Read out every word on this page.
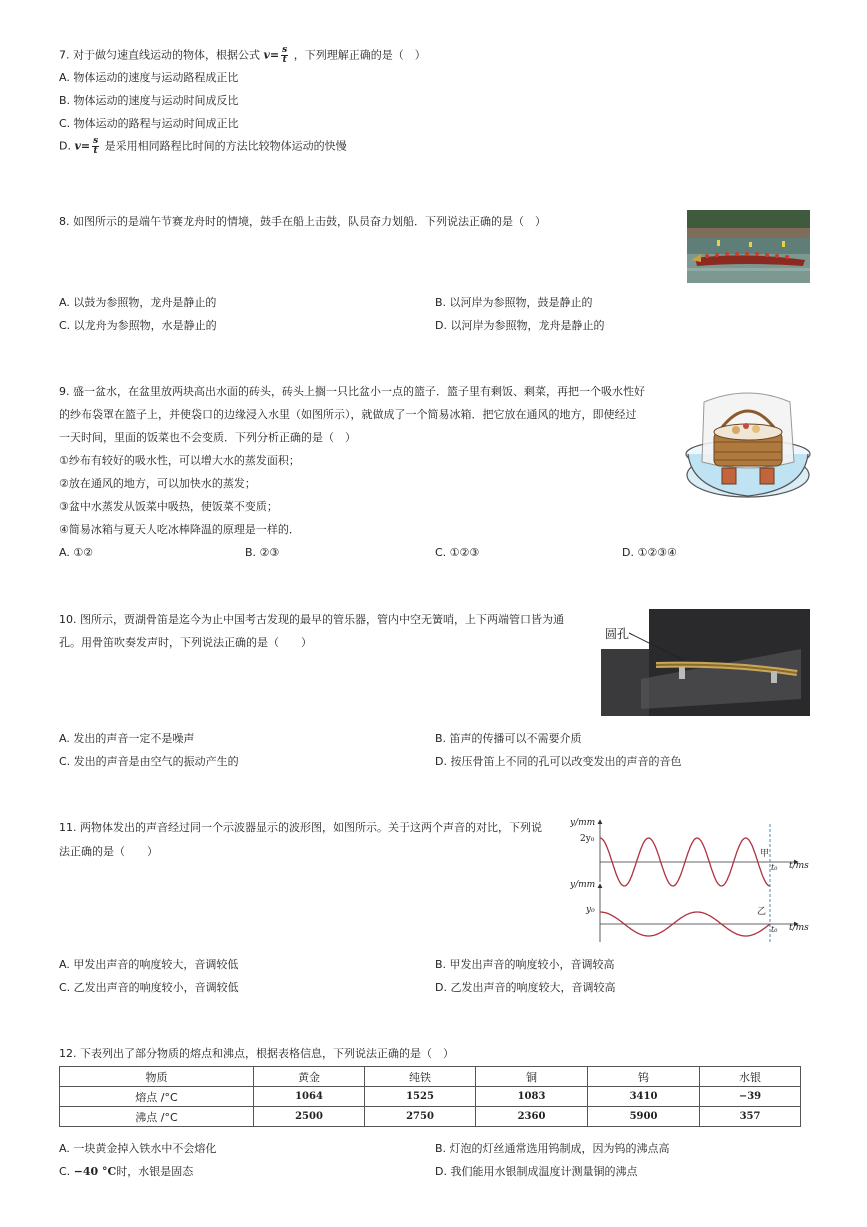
7. 对于做匀速直线运动的物体，根据公式 $v= \frac{s}{t}$ ，下列理解正确的是（　）
A. 物体运动的速度与运动路程成正比
B. 物体运动的速度与运动时间成反比
C. 物体运动的路程与运动时间成正比
D. $v= \frac{s}{t}$ 是采用相同路程比时间的方法比较物体运动的快慢
8. 如图所示的是端午节赛龙舟时的情境，鼓手在船上击鼓，队员奋力划船．下列说法正确的是（　）
A. 以鼓为参照物，龙舟是静止的	B. 以河岸为参照物，鼓是静止的
C. 以龙舟为参照物，水是静止的	D. 以河岸为参照物，龙舟是静止的
9. 盛一盆水，在盆里放两块高出水面的砖头，砖头上搁一只比盆小一点的篮子．篮子里有剩饭、剩菜，再把一个吸水性好
的纱布袋罩在篮子上，并使袋口的边缘浸入水里（如图所示），就做成了一个简易冰箱．把它放在通风的地方，即使经过
一天时间，里面的饭菜也不会变质．下列分析正确的是（　）
①纱布有较好的吸水性，可以增大水的蒸发面积；
②放在通风的地方，可以加快水的蒸发；
③盆中水蒸发从饭菜中吸热，使饭菜不变质；
④简易冰箱与夏天人吃冰棒降温的原理是一样的．
A. ①②	B. ②③	C. ①②③	D. ①②③④
10. 图所示，贾湖骨笛是迄今为止中国考古发现的最早的管乐器，管内中空无簧哨，上下两端管口皆为通
孔。用骨笛吹奏发声时，下列说法正确的是（　　）
圆孔
A. 发出的声音一定不是噪声	B. 笛声的传播可以不需要介质
C. 发出的声音是由空气的振动产生的	D. 按压骨笛上不同的孔可以改变发出的声音的音色
11. 两物体发出的声音经过同一个示波器显示的波形图，如图所示。关于这两个声音的对比，下列说
法正确的是（　　）
y/mm
2y₀
甲
t₀ t/ms
y/mm
y₀	乙
t₀ t/ms
A. 甲发出声音的响度较大，音调较低	B. 甲发出声音的响度较小，音调较高
C. 乙发出声音的响度较小，音调较低	D. 乙发出声音的响度较大，音调较高
12. 下表列出了部分物质的熔点和沸点，根据表格信息，下列说法正确的是（　）
物质	黄金	纯铁	铜	钨	水银
熔点 /°C	1064	1525	1083	3410	−39
沸点 /°C	2500	2750	2360	5900	357
A. 一块黄金掉入铁水中不会熔化	B. 灯泡的灯丝通常选用钨制成，因为钨的沸点高
C. −40 °C时，水银是固态	D. 我们能用水银制成温度计测量铜的沸点
